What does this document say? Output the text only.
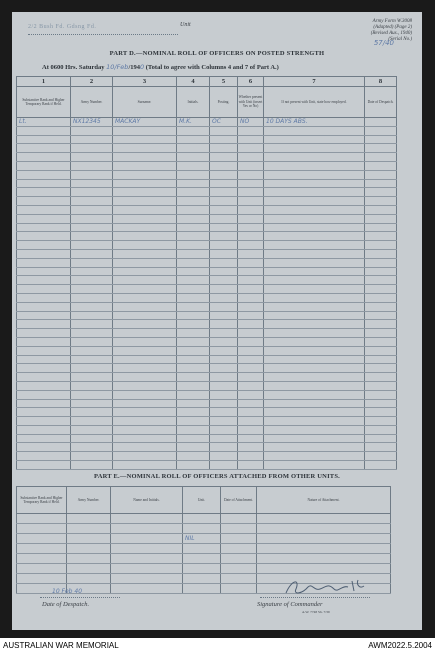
2/2 Bush Fd. Gdsng Fd.	Unit
Army Form W.3008
(Adapted) (Page 2)
(Revised Aus., 1940)
(Serial No.)
57/40
PART D.—NOMINAL ROLL OF OFFICERS ON POSTED STRENGTH
At 0600 Hrs. Saturday 10/Feb/1940 (Total to agree with Columns 4 and 7 of Part A.)
1	2	3	4	5	6	7	8
Substantive Rank and Higher Temporary Rank if Held.	Army Number.	Surname.	Initials.	Posting.	Whether present with Unit (insert Yes or No)	If not present with Unit, state how employed.	Date of Despatch.
Lt.	NX12345	MACKAY	M.K.	OC	NO	10 DAYS ABS.	

PART E.—NOMINAL ROLL OF OFFICERS ATTACHED FROM OTHER UNITS.
Substantive Rank and Higher Temporary Rank if Held.	Army Number.	Name and Initials.	Unit.	Date of Attachment.	Nature of Attachment.

			NIL		

10 Feb 40
Date of Despatch.	Signature of Commander
A.W. 7748 Sh. 7/39
AUSTRALIAN WAR MEMORIAL	AWM2022.5.2004
